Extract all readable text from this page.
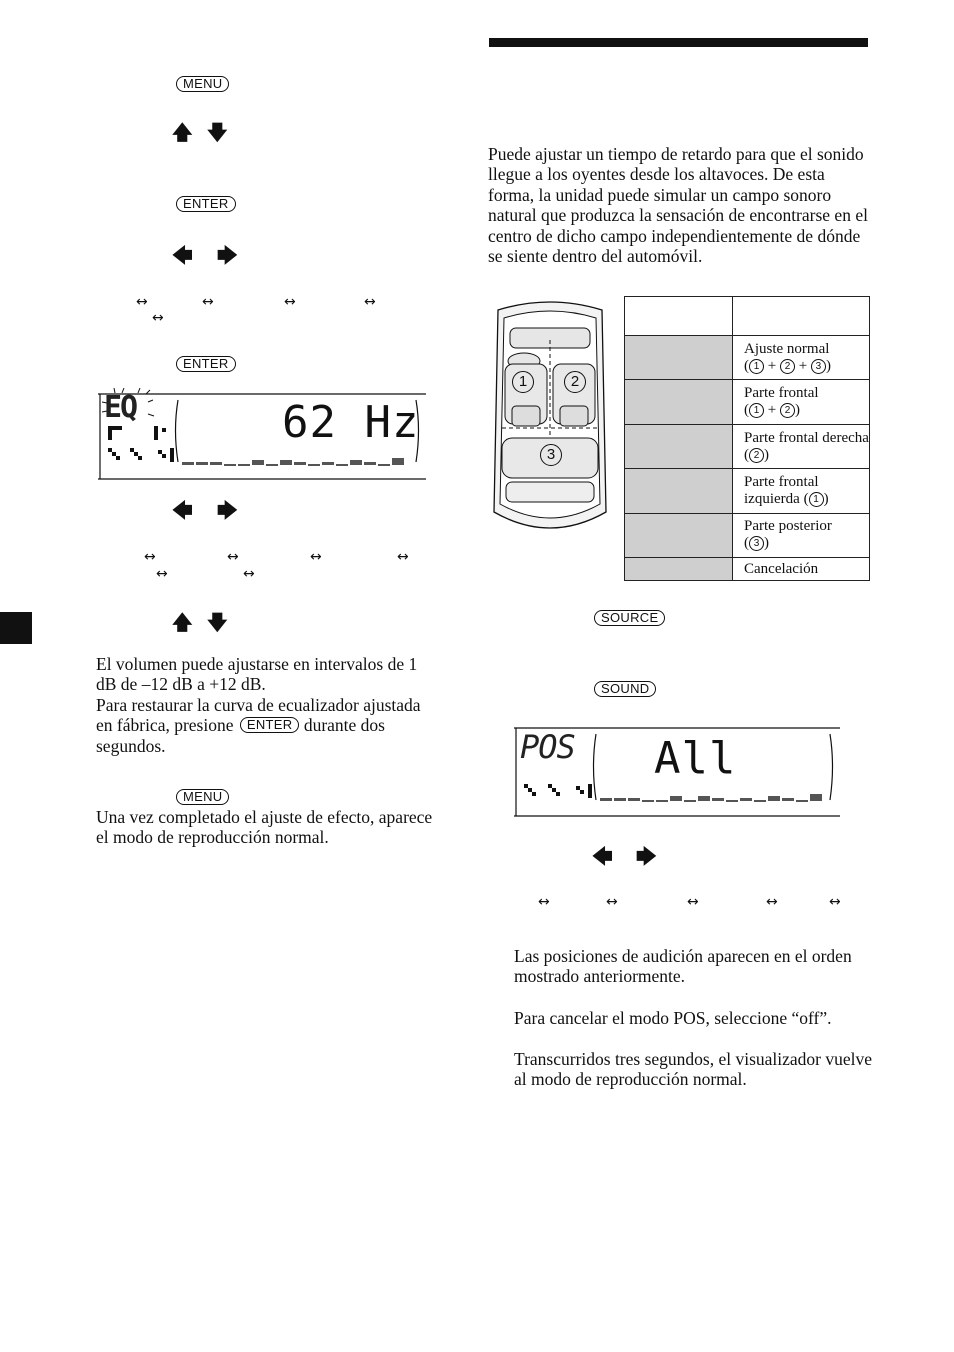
MENU
🡅 🡇
ENTER
🡄 🡆
↔	↔	↔	↔
↔
ENTER
EQ	62 Hz
🡄 🡆
↔	↔	↔	↔
↔	↔
🡅 🡇
El volumen puede ajustarse en intervalos de 1 dB de –12 dB a +12 dB.
Para restaurar la curva de ecualizador ajustada en fábrica, presione ENTER durante dos segundos.
MENU
Una vez completado el ajuste de efecto, aparece el modo de reproducción normal.
Puede ajustar un tiempo de retardo para que el sonido llegue a los oyentes desde los altavoces. De esta forma, la unidad puede simular un campo sonoro natural que produzca la sensación de encontrarse en el centro de dicho campo independientemente de dónde se siente dentro del automóvil.
1	2
3

	Ajuste normal
( 1 + 2 + 3 )
	Parte frontal
( 1 + 2 )
	Parte frontal derecha ( 2 )
	Parte frontal izquierda ( 1 )
	Parte posterior
( 3 )
	Cancelación
SOURCE
SOUND
POS All
🡄 🡆
↔	↔	↔	↔	↔
Las posiciones de audición aparecen en el orden mostrado anteriormente.
Para cancelar el modo POS, seleccione “off”.
Transcurridos tres segundos, el visualizador vuelve al modo de reproducción normal.
